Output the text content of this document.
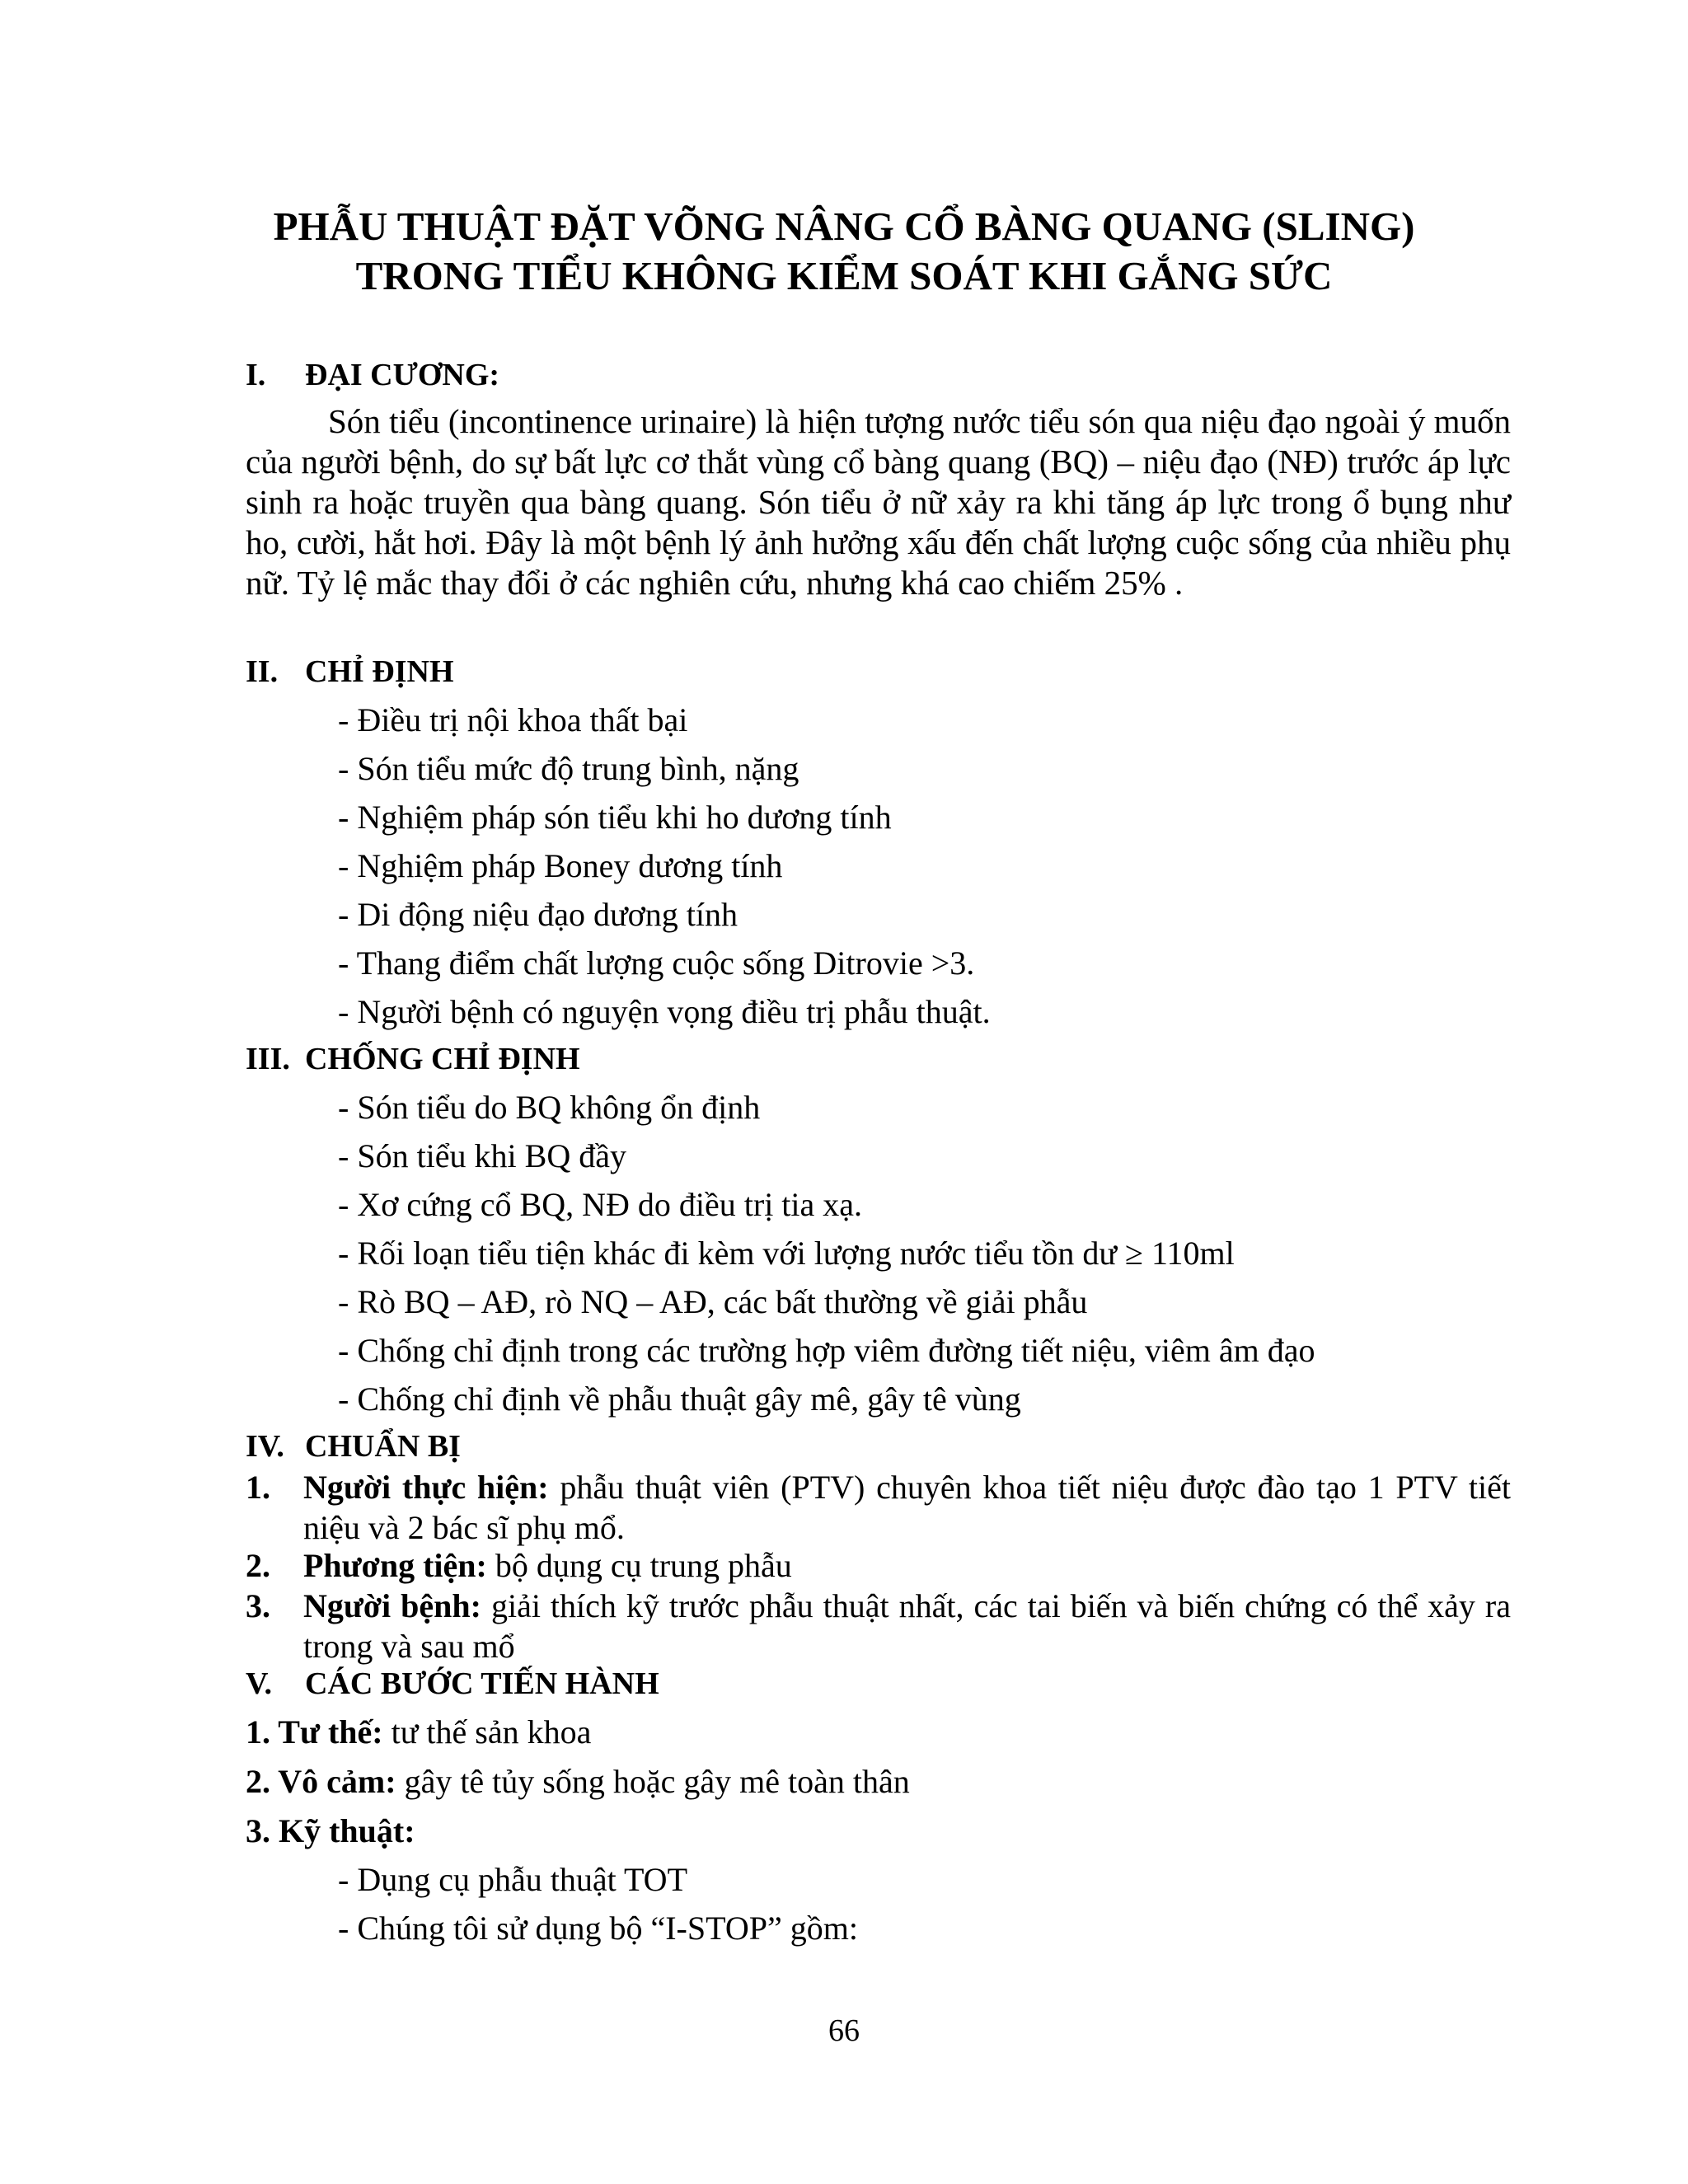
PHẪU THUẬT ĐẶT VÕNG NÂNG CỔ BÀNG QUANG (SLING)
TRONG TIỂU KHÔNG KIỂM SOÁT KHI GẮNG SỨC
I. ĐẠI CƯƠNG:
Són tiểu (incontinence urinaire) là hiện tượng nước tiểu són qua niệu đạo ngoài ý muốn của người bệnh, do sự bất lực cơ thắt vùng cổ bàng quang (BQ) – niệu đạo (NĐ) trước áp lực sinh ra hoặc truyền qua bàng quang. Són tiểu ở nữ xảy ra khi tăng áp lực trong ổ bụng như ho, cười, hắt hơi. Đây là một bệnh lý ảnh hưởng xấu đến chất lượng cuộc sống của nhiều phụ nữ. Tỷ lệ mắc thay đổi ở các nghiên cứu, nhưng khá cao chiếm 25% .
II. CHỈ ĐỊNH
- Điều trị nội khoa thất bại
- Són tiểu mức độ trung bình, nặng
- Nghiệm pháp són tiểu khi ho dương tính
- Nghiệm pháp Boney dương tính
- Di động niệu đạo dương tính
- Thang điểm chất lượng cuộc sống Ditrovie >3.
- Người bệnh có nguyện vọng điều trị phẫu thuật.
III. CHỐNG CHỈ ĐỊNH
- Són tiểu do BQ không ổn định
- Són tiểu khi BQ đầy
- Xơ cứng cổ BQ, NĐ do điều trị tia xạ.
- Rối loạn tiểu tiện khác đi kèm với lượng nước tiểu tồn dư ≥ 110ml
- Rò BQ – AĐ, rò NQ – AĐ, các bất thường về giải phẫu
- Chống chỉ định trong các trường hợp viêm đường tiết niệu, viêm âm đạo
- Chống chỉ định về phẫu thuật gây mê, gây tê vùng
IV. CHUẨN BỊ
1. Người thực hiện: phẫu thuật viên (PTV) chuyên khoa tiết niệu được đào tạo 1 PTV tiết niệu và 2 bác sĩ phụ mổ.
2. Phương tiện: bộ dụng cụ trung phẫu
3. Người bệnh: giải thích kỹ trước phẫu thuật nhất, các tai biến và biến chứng có thể xảy ra trong và sau mổ
V. CÁC BƯỚC TIẾN HÀNH
1. Tư thế: tư thế sản khoa
2. Vô cảm: gây tê tủy sống hoặc gây mê toàn thân
3. Kỹ thuật:
- Dụng cụ phẫu thuật TOT
- Chúng tôi sử dụng bộ “I-STOP” gồm:
66
